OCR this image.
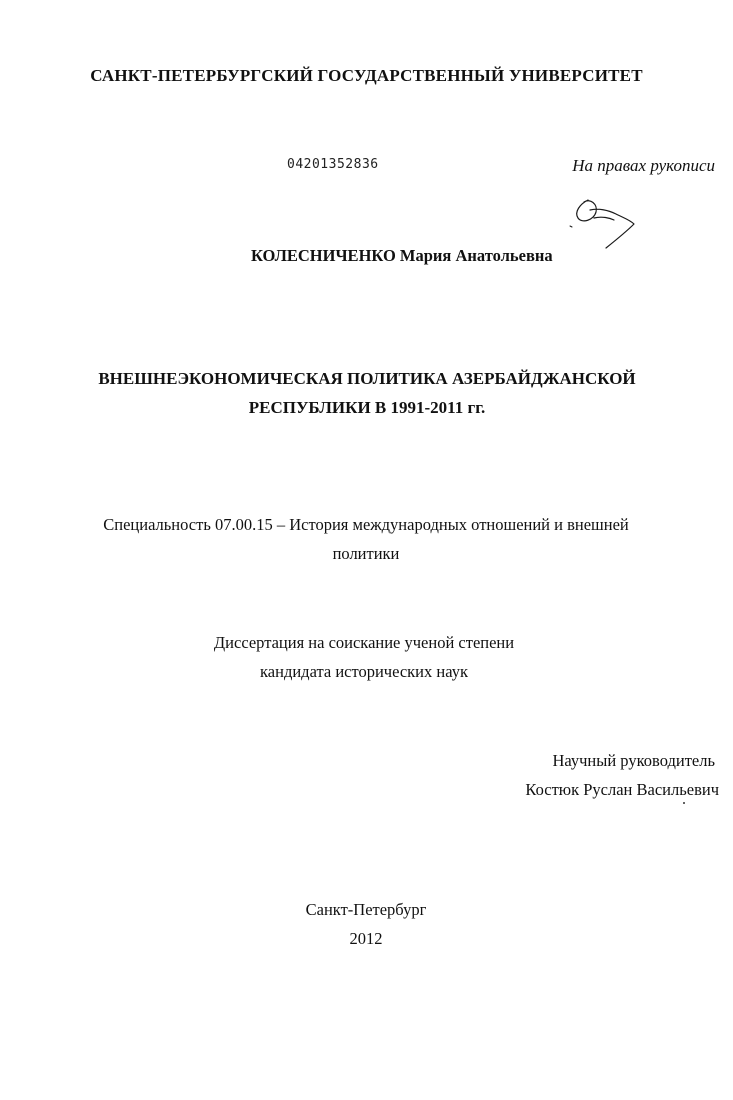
САНКТ-ПЕТЕРБУРГСКИЙ ГОСУДАРСТВЕННЫЙ УНИВЕРСИТЕТ
04201352836	На правах рукописи
КОЛЕСНИЧЕНКО Мария Анатольевна
ВНЕШНЕЭКОНОМИЧЕСКАЯ ПОЛИТИКА АЗЕРБАЙДЖАНСКОЙ
РЕСПУБЛИКИ В 1991-2011 гг.
Специальность 07.00.15 – История международных отношений и внешней
политики
Диссертация на соискание ученой степени
кандидата исторических наук
Научный руководитель
Костюк Руслан Васильевич
Санкт-Петербург
2012
